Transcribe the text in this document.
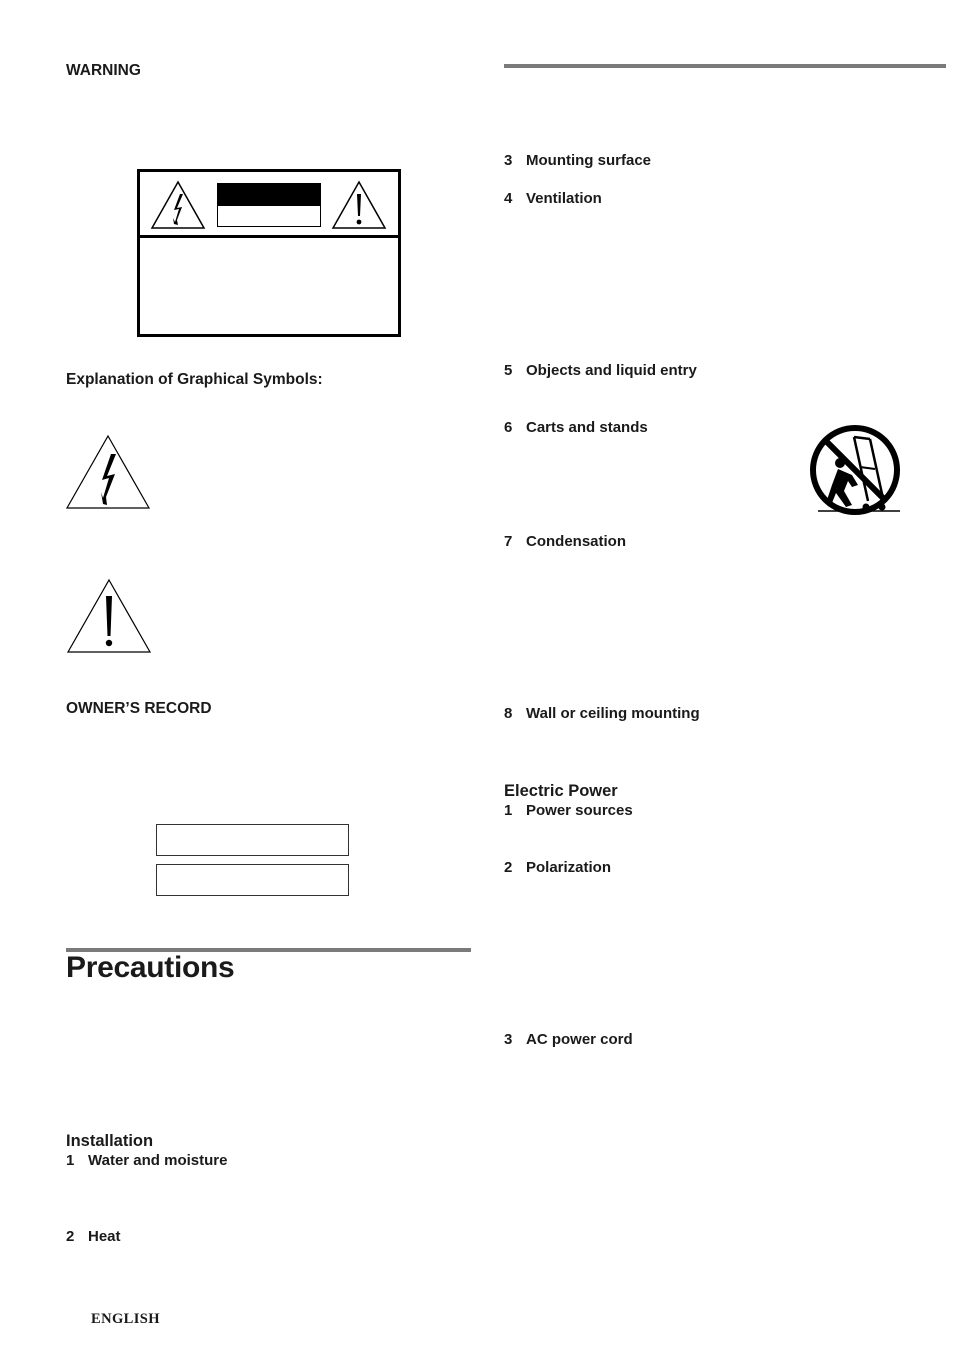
WARNING
Explanation of Graphical Symbols:
OWNER’S RECORD
Precautions
Installation
1 Water and moisture
2 Heat
ENGLISH
3 Mounting surface
4 Ventilation
5 Objects and liquid entry
6 Carts and stands
7 Condensation
8 Wall or ceiling mounting
Electric Power
1 Power sources
2 Polarization
3 AC power cord
